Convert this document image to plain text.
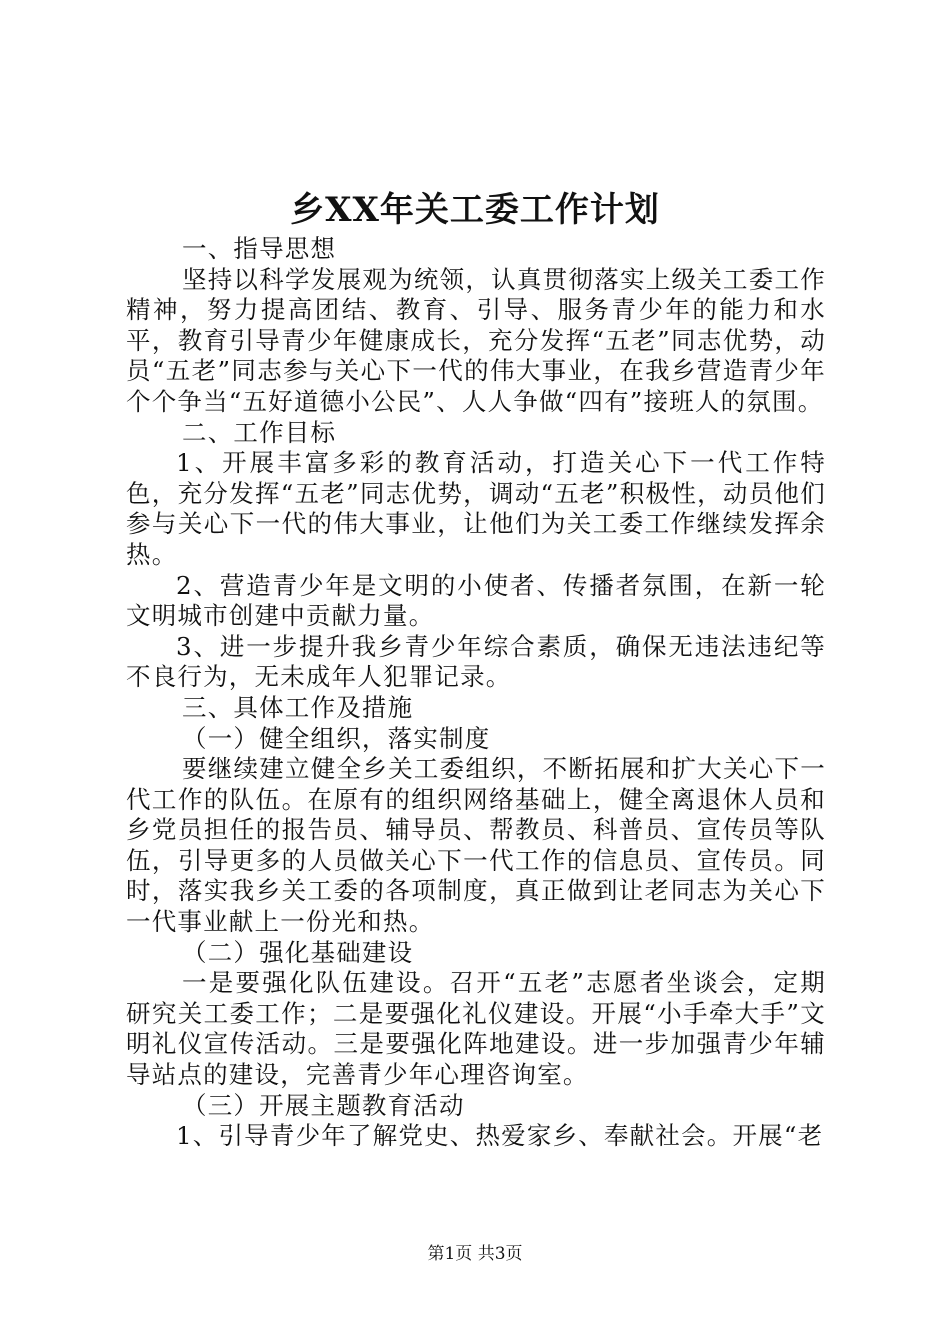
乡XX年关工委工作计划

一、指导思想

坚持以科学发展观为统领，认真贯彻落实上级关工委工作精神，努力提高团结、教育、引导、服务青少年的能力和水平，教育引导青少年健康成长，充分发挥“五老”同志优势，动员“五老”同志参与关心下一代的伟大事业，在我乡营造青少年个个争当“五好道德小公民”、人人争做“四有”接班人的氛围。

二、工作目标

1、开展丰富多彩的教育活动，打造关心下一代工作特色，充分发挥“五老”同志优势，调动“五老”积极性，动员他们参与关心下一代的伟大事业，让他们为关工委工作继续发挥余热。

2、营造青少年是文明的小使者、传播者氛围，在新一轮文明城市创建中贡献力量。

3、进一步提升我乡青少年综合素质，确保无违法违纪等不良行为，无未成年人犯罪记录。

三、具体工作及措施

（一）健全组织，落实制度

要继续建立健全乡关工委组织，不断拓展和扩大关心下一代工作的队伍。在原有的组织网络基础上，健全离退休人员和乡党员担任的报告员、辅导员、帮教员、科普员、宣传员等队伍，引导更多的人员做关心下一代工作的信息员、宣传员。同时，落实我乡关工委的各项制度，真正做到让老同志为关心下一代事业献上一份光和热。

（二）强化基础建设

一是要强化队伍建设。召开“五老”志愿者坐谈会，定期研究关工委工作；二是要强化礼仪建设。开展“小手牵大手”文明礼仪宣传活动。三是要强化阵地建设。进一步加强青少年辅导站点的建设，完善青少年心理咨询室。

（三）开展主题教育活动

1、引导青少年了解党史、热爱家乡、奉献社会。开展“老

第1页 共3页
